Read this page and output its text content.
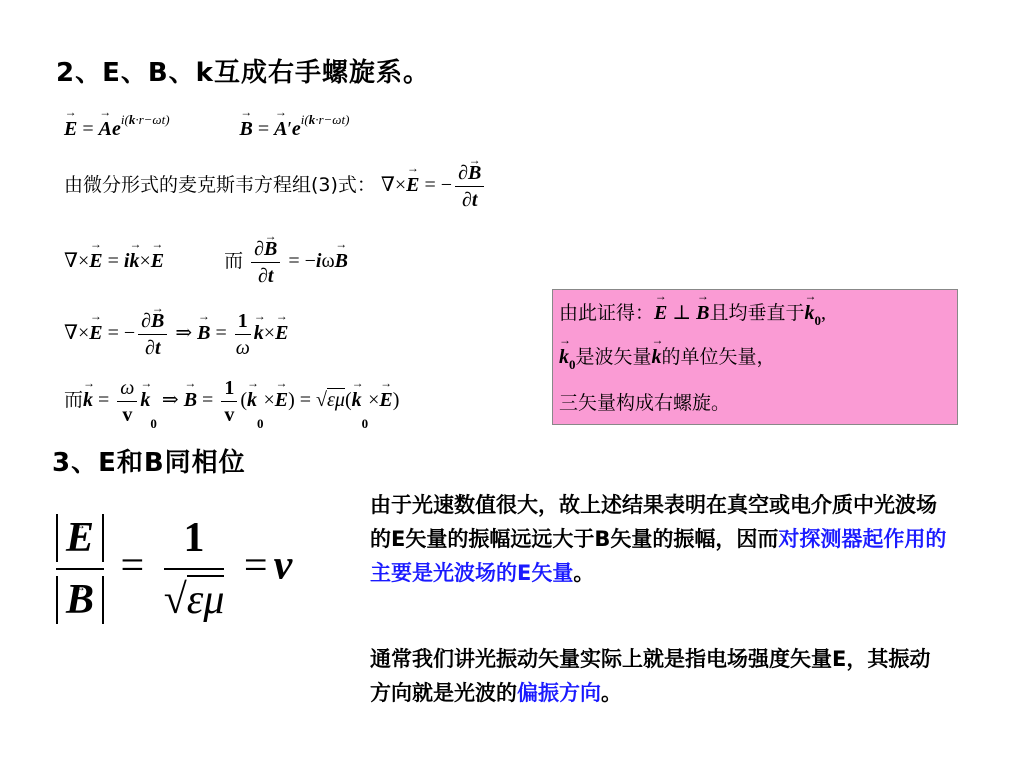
2、E、B、k互成右手螺旋系。
→ E = → $Ae^{i(k\cdot r-\omega t)}$  →	B = → $A'e^{i(k\cdot r-\omega t)}$
由微分形式的麦克斯韦方程组(3)式： ∇×→ E = − $\frac{\partial\to B}{\partial t}$
∇×→ E = i→ k×→ E	而 $\frac{\partial\to B}{\partial t} = -i\omega\to B$
∇×→ E = − $\frac{\partial\to B}{\partial t}$ ⇒ → $B = \frac{1}{\omega}$
→ k×→ E
而→ $k = \frac{\omega}{v}$
→ $k_0$ ⇒ → $B = \frac{1}{v}$ (→ $k_0\times\to E) = √\varepsilon\mu(\to k_0\times\to E)$
由此证得：→ E ⊥ → B且均垂直于→ $k_0$,
→ $k_0$是波矢量→ k的单位矢量，
三矢量构成右螺旋。
3、E和B同相位
→ E
→ $B = \frac{1}{√\varepsilon\mu} = v$
由于光速数值很大，故上述结果表明在真空或电介质中光波场的E矢量的振幅远远大于B矢量的振幅，因而对探测器起作用的主要是光波场的E矢量。
通常我们讲光振动矢量实际上就是指电场强度矢量E，其振动方向就是光波的偏振方向。
